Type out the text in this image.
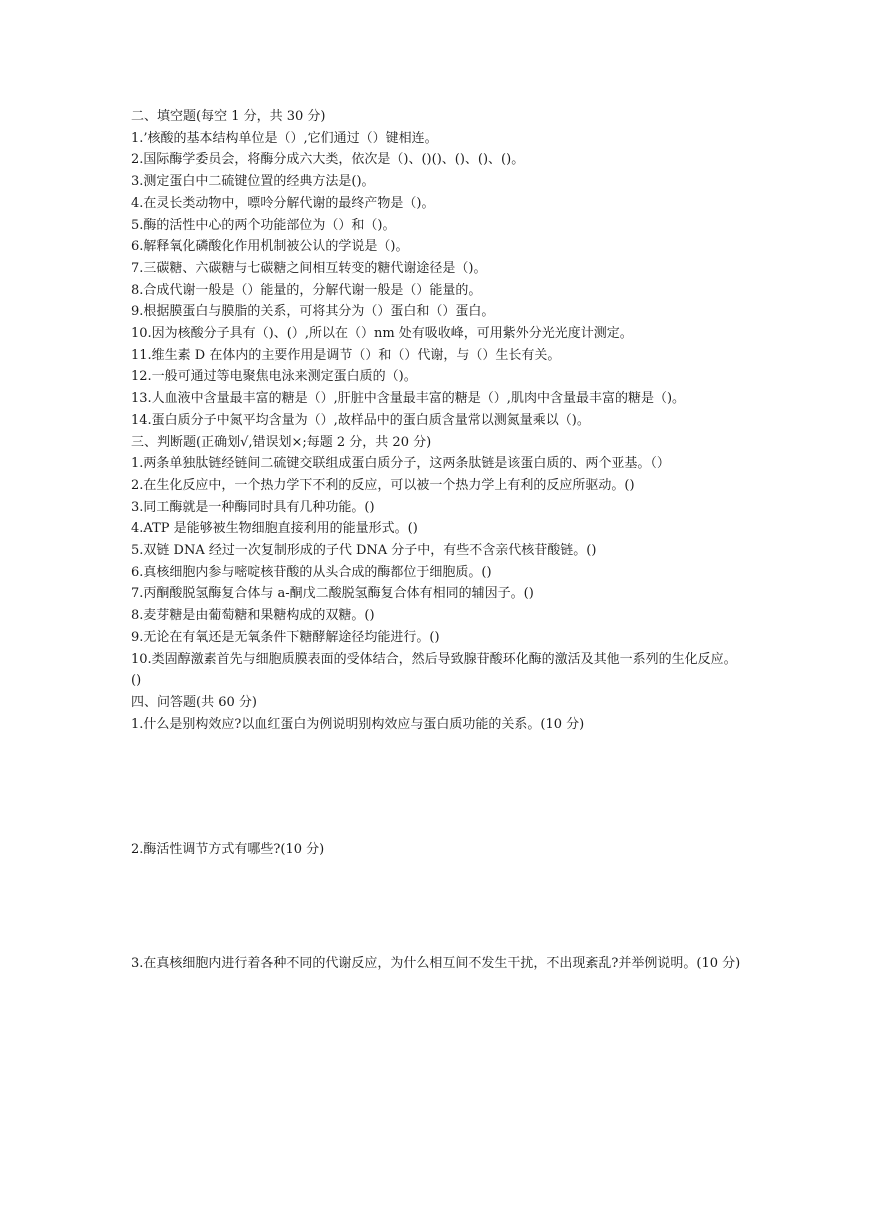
二、填空题(每空 1 分，共 30 分)

1.’核酸的基本结构单位是（）,它们通过（）键相连。

2.国际酶学委员会，将酶分成六大类，依次是（)、()()、()、()、()。

3.测定蛋白中二硫键位置的经典方法是()。

4.在灵长类动物中，嘌呤分解代谢的最终产物是（)。

5.酶的活性中心的两个功能部位为（）和（)。

6.解释氧化磷酸化作用机制被公认的学说是（)。

7.三碳糖、六碳糖与七碳糖之间相互转变的糖代谢途径是（)。

8.合成代谢一般是（）能量的，分解代谢一般是（）能量的。

9.根据膜蛋白与膜脂的关系，可将其分为（）蛋白和（）蛋白。

10.因为核酸分子具有（)、(）,所以在（）nm 处有吸收峰，可用紫外分光光度计测定。

11.维生素 D 在体内的主要作用是调节（）和（）代谢，与（）生长有关。

12.一般可通过等电聚焦电泳来测定蛋白质的（)。

13.人血液中含量最丰富的糖是（）,肝脏中含量最丰富的糖是（）,肌肉中含量最丰富的糖是（)。

14.蛋白质分子中氮平均含量为（）,故样品中的蛋白质含量常以测氮量乘以（)。

三、判断题(正确划√,错误划×;每题 2 分，共 20 分)

1.两条单独肽链经链间二硫键交联组成蛋白质分子，这两条肽链是该蛋白质的、两个亚基。（）

2.在生化反应中，一个热力学下不利的反应，可以被一个热力学上有利的反应所驱动。()

3.同工酶就是一种酶同时具有几种功能。()

4.ATP 是能够被生物细胞直接利用的能量形式。()

5.双链 DNA 经过一次复制形成的子代 DNA 分子中，有些不含亲代核苷酸链。()

6.真核细胞内参与嘧啶核苷酸的从头合成的酶都位于细胞质。()

7.丙酮酸脱氢酶复合体与 a-酮戊二酸脱氢酶复合体有相同的辅因子。()

8.麦芽糖是由葡萄糖和果糖构成的双糖。()

9.无论在有氧还是无氧条件下糖酵解途径均能进行。()

10.类固醇激素首先与细胞质膜表面的受体结合，然后导致腺苷酸环化酶的激活及其他一系列的生化反应。()

四、问答题(共 60 分)

1.什么是别构效应?以血红蛋白为例说明别构效应与蛋白质功能的关系。(10 分)

2.酶活性调节方式有哪些?(10 分)

3.在真核细胞内进行着各种不同的代谢反应，为什么相互间不发生干扰，不出现紊乱?并举例说明。(10 分)
